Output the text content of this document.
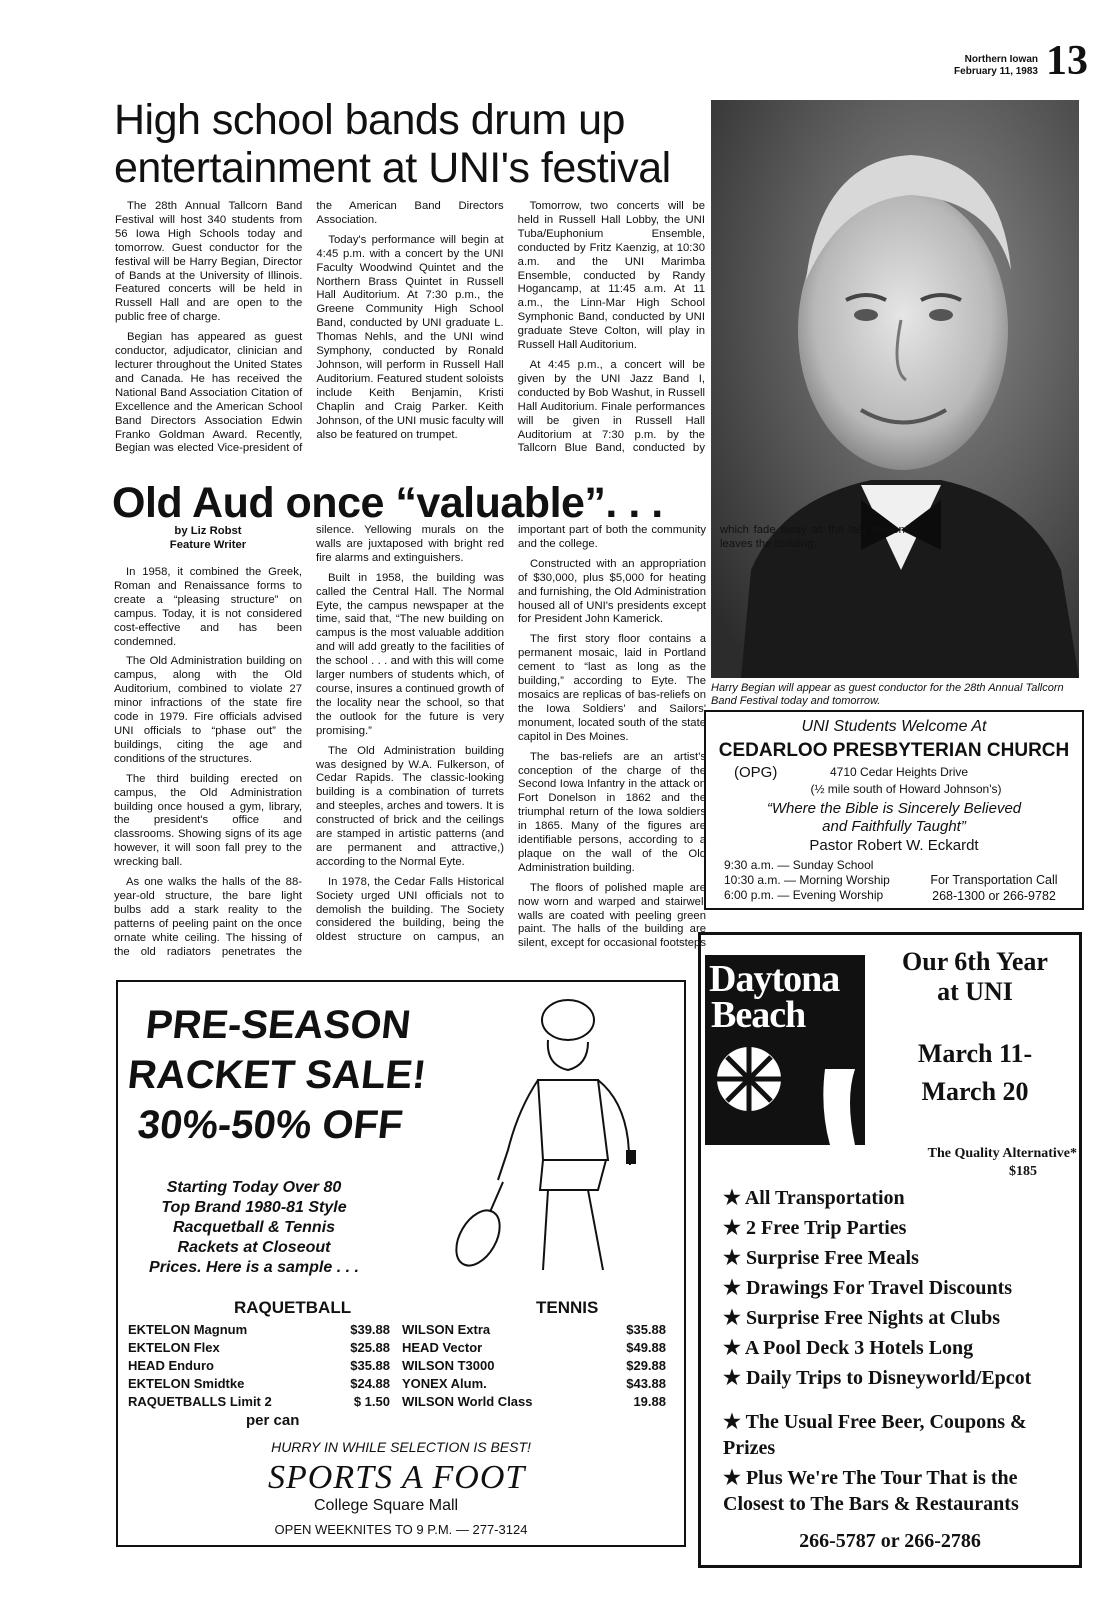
Northern Iowan
February 11, 1983 13
High school bands drum up entertainment at UNI's festival

The 28th Annual Tallcorn Band Festival will host 340 students from 56 Iowa High Schools today and tomorrow. Guest conductor for the festival will be Harry Begian, Director of Bands at the University of Illinois. Featured concerts will be held in Russell Hall and are open to the public free of charge.

Begian has appeared as guest conductor, adjudicator, clinician and lecturer throughout the United States and Canada. He has received the National Band Association Citation of Excellence and the American School Band Directors Association Edwin Franko Goldman Award. Recently, Begian was elected Vice-president of the American Band Directors Association.

Today's performance will begin at 4:45 p.m. with a concert by the UNI Faculty Woodwind Quintet and the Northern Brass Quintet in Russell Hall Auditorium. At 7:30 p.m., the Greene Community High School Band, conducted by UNI graduate L. Thomas Nehls, and the UNI wind Symphony, conducted by Ronald Johnson, will perform in Russell Hall Auditorium. Featured student soloists include Keith Benjamin, Kristi Chaplin and Craig Parker. Keith Johnson, of the UNI music faculty will also be featured on trumpet.

Tomorrow, two concerts will be held in Russell Hall Lobby, the UNI Tuba/Euphonium Ensemble, conducted by Fritz Kaenzig, at 10:30 a.m. and the UNI Marimba Ensemble, conducted by Randy Hogancamp, at 11:45 a.m. At 11 a.m., the Linn-Mar High School Symphonic Band, conducted by UNI graduate Steve Colton, will play in Russell Hall Auditorium.

At 4:45 p.m., a concert will be given by the UNI Jazz Band I, conducted by Bob Washut, in Russell Hall Auditorium. Finale performances will be given in Russell Hall Auditorium at 7:30 p.m. by the Tallcorn Blue Band, conducted by

Harry Begian will appear as guest conductor for the 28th Annual Tallcorn Band Festival today and tomorrow.
Old Aud once “valuable”. . .
by Liz Robst
Feature Writer

In 1958, it combined the Greek, Roman and Renaissance forms to create a “pleasing structure” on campus. Today, it is not considered cost-effective and has been condemned.

The Old Administration building on campus, along with the Old Auditorium, combined to violate 27 minor infractions of the state fire code in 1979. Fire officials advised UNI officials to “phase out” the buildings, citing the age and conditions of the structures.

The third building erected on campus, the Old Administration building once housed a gym, library, the president's office and classrooms. Showing signs of its age however, it will soon fall prey to the wrecking ball.

As one walks the halls of the 88-year-old structure, the bare light bulbs add a stark reality to the patterns of peeling paint on the once ornate white ceiling. The hissing of the old radiators penetrates the silence. Yellowing murals on the walls are juxtaposed with bright red fire alarms and extinguishers.

Built in 1958, the building was called the Central Hall. The Normal Eyte, the campus newspaper at the time, said that, “The new building on campus is the most valuable addition and will add greatly to the facilities of the school . . . and with this will come larger numbers of students which, of course, insures a continued growth of the locality near the school, so that the outlook for the future is very promising.”

The Old Administration building was designed by W.A. Fulkerson, of Cedar Rapids. The classic-looking building is a combination of turrets and steeples, arches and towers. It is constructed of brick and the ceilings are stamped in artistic patterns (and are permanent and attractive,) according to the Normal Eyte.

In 1978, the Cedar Falls Historical Society urged UNI officials not to demolish the building. The Society considered the building, being the oldest structure on campus, an important part of both the community and the college.

Constructed with an appropriation of $30,000, plus $5,000 for heating and furnishing, the Old Administration housed all of UNI's presidents except for President John Kamerick.

The first story floor contains a permanent mosaic, laid in Portland cement to “last as long as the building,” according to Eyte. The mosaics are replicas of bas-reliefs on the Iowa Soldiers' and Sailors' monument, located south of the state capitol in Des Moines.

The bas-reliefs are an artist's conception of the charge of the Second Iowa Infantry in the attack on Fort Donelson in 1862 and the triumphal return of the Iowa soldiers in 1865. Many of the figures are identifiable persons, according to a plaque on the wall of the Old Administration building.

The floors of polished maple are now worn and warped and stairwell walls are coated with peeling green paint. The halls of the building are silent, except for occasional footsteps which fade away as the last student leaves the building.

UNI Students Welcome At
CEDARLOO PRESBYTERIAN CHURCH
(OPG)	4710 Cedar Heights Drive
(½ mile south of Howard Johnson's)
“Where the Bible is Sincerely Believed
and Faithfully Taught”
Pastor Robert W. Eckardt
9:30 a.m. — Sunday School
10:30 a.m. — Morning Worship
6:00 p.m. — Evening Worship
For Transportation Call
268-1300 or 266-9782
PRE-SEASON
RACKET SALE!
30%-50% OFF
Starting Today Over 80
Top Brand 1980-81 Style
Racquetball & Tennis
Rackets at Closeout
Prices. Here is a sample . . .
RAQUETBALL	TENNIS
EKTELON Magnum	$39.88
EKTELON Flex	$25.88
HEAD Enduro	$35.88
EKTELON Smidtke	$24.88
RAQUETBALLS Limit 2	$ 1.50
per can
WILSON Extra	$35.88
HEAD Vector	$49.88
WILSON T3000	$29.88
YONEX Alum.	$43.88
WILSON World Class	19.88
HURRY IN WHILE SELECTION IS BEST!
SPORTS A FOOT
College Square Mall
OPEN WEEKNITES TO 9 P.M. — 277-3124
Daytona
Beach
Our 6th Year
at UNI
March 11-
March 20
The Quality Alternative*
$185
★ All Transportation
★ 2 Free Trip Parties
★ Surprise Free Meals
★ Drawings For Travel Discounts
★ Surprise Free Nights at Clubs
★ A Pool Deck 3 Hotels Long
★ Daily Trips to Disneyworld/Epcot
★ The Usual Free Beer, Coupons & Prizes
★ Plus We're The Tour That is the Closest to The Bars & Restaurants
266-5787 or 266-2786
